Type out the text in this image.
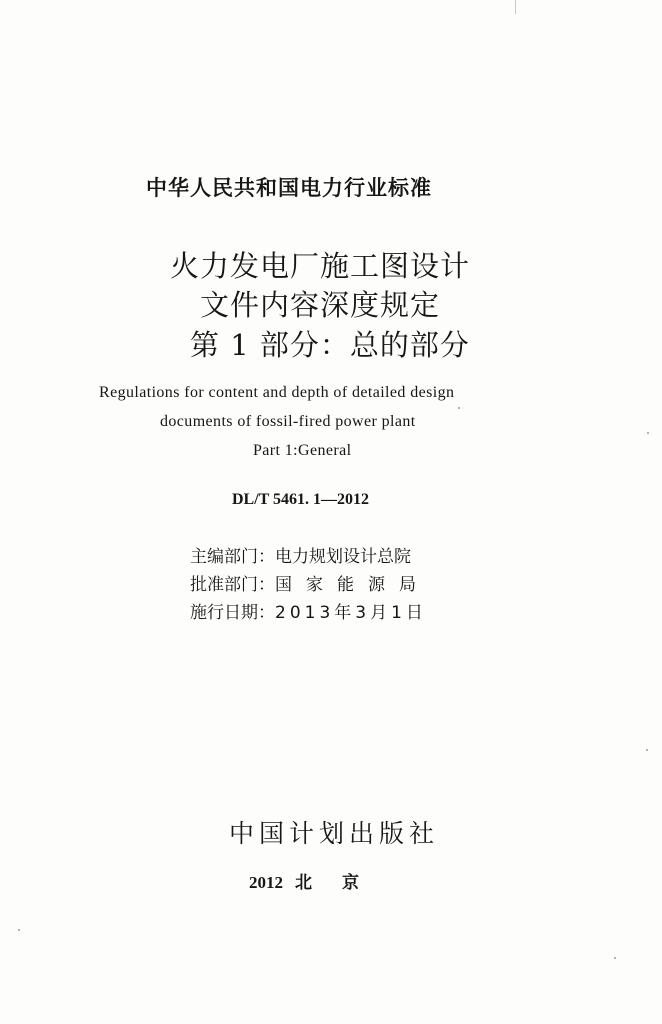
中华人民共和国电力行业标准

火力发电厂施工图设计

文件内容深度规定

第 1 部分：总的部分

Regulations for content and depth of detailed design

documents of fossil-fired power plant

Part 1:General

DL/T 5461. 1—2012

主编部门：电力规划设计总院
批准部门：国家能源局
施行日期：2013年3月1日

中国计划出版社

2012 北京
